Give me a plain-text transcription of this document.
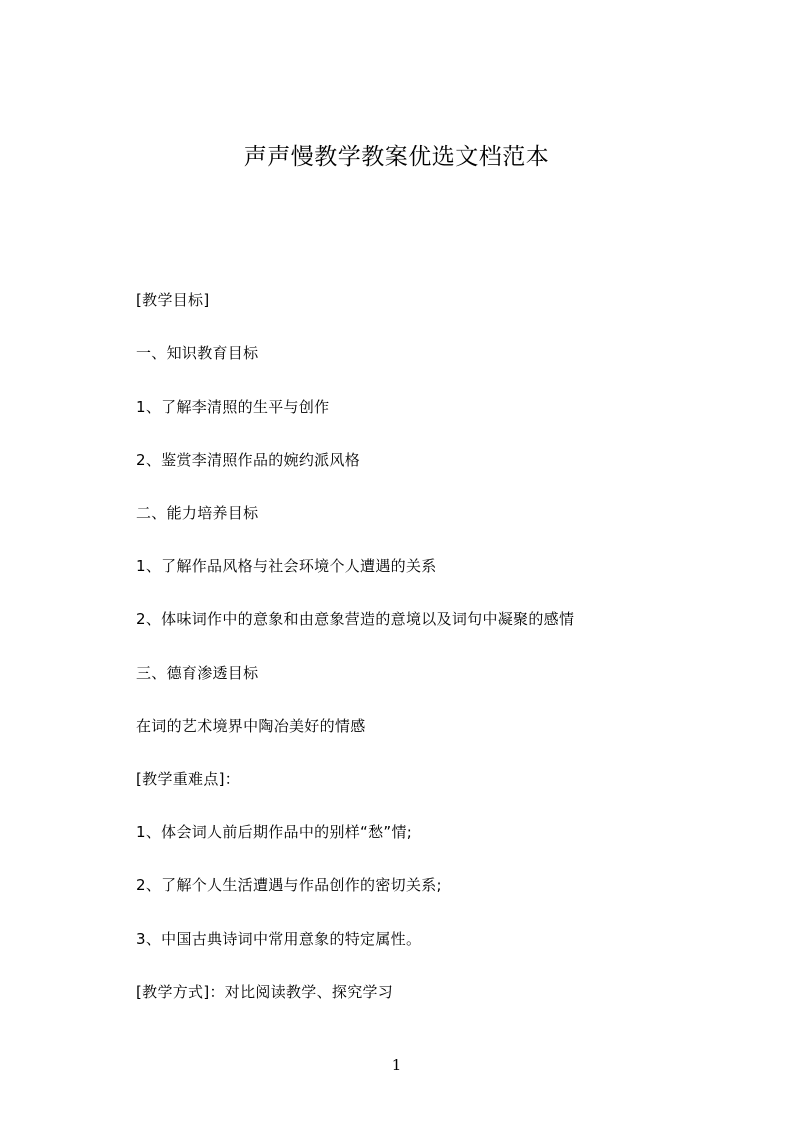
声声慢教学教案优选文档范本
[教学目标]
一、知识教育目标
1、了解李清照的生平与创作
2、鉴赏李清照作品的婉约派风格
二、能力培养目标
1、了解作品风格与社会环境个人遭遇的关系
2、体味词作中的意象和由意象营造的意境以及词句中凝聚的感情
三、德育渗透目标
在词的艺术境界中陶冶美好的情感
[教学重难点]：
1、体会词人前后期作品中的别样“愁”情;
2、了解个人生活遭遇与作品创作的密切关系;
3、中国古典诗词中常用意象的特定属性。
[教学方式]：对比阅读教学、探究学习
1
